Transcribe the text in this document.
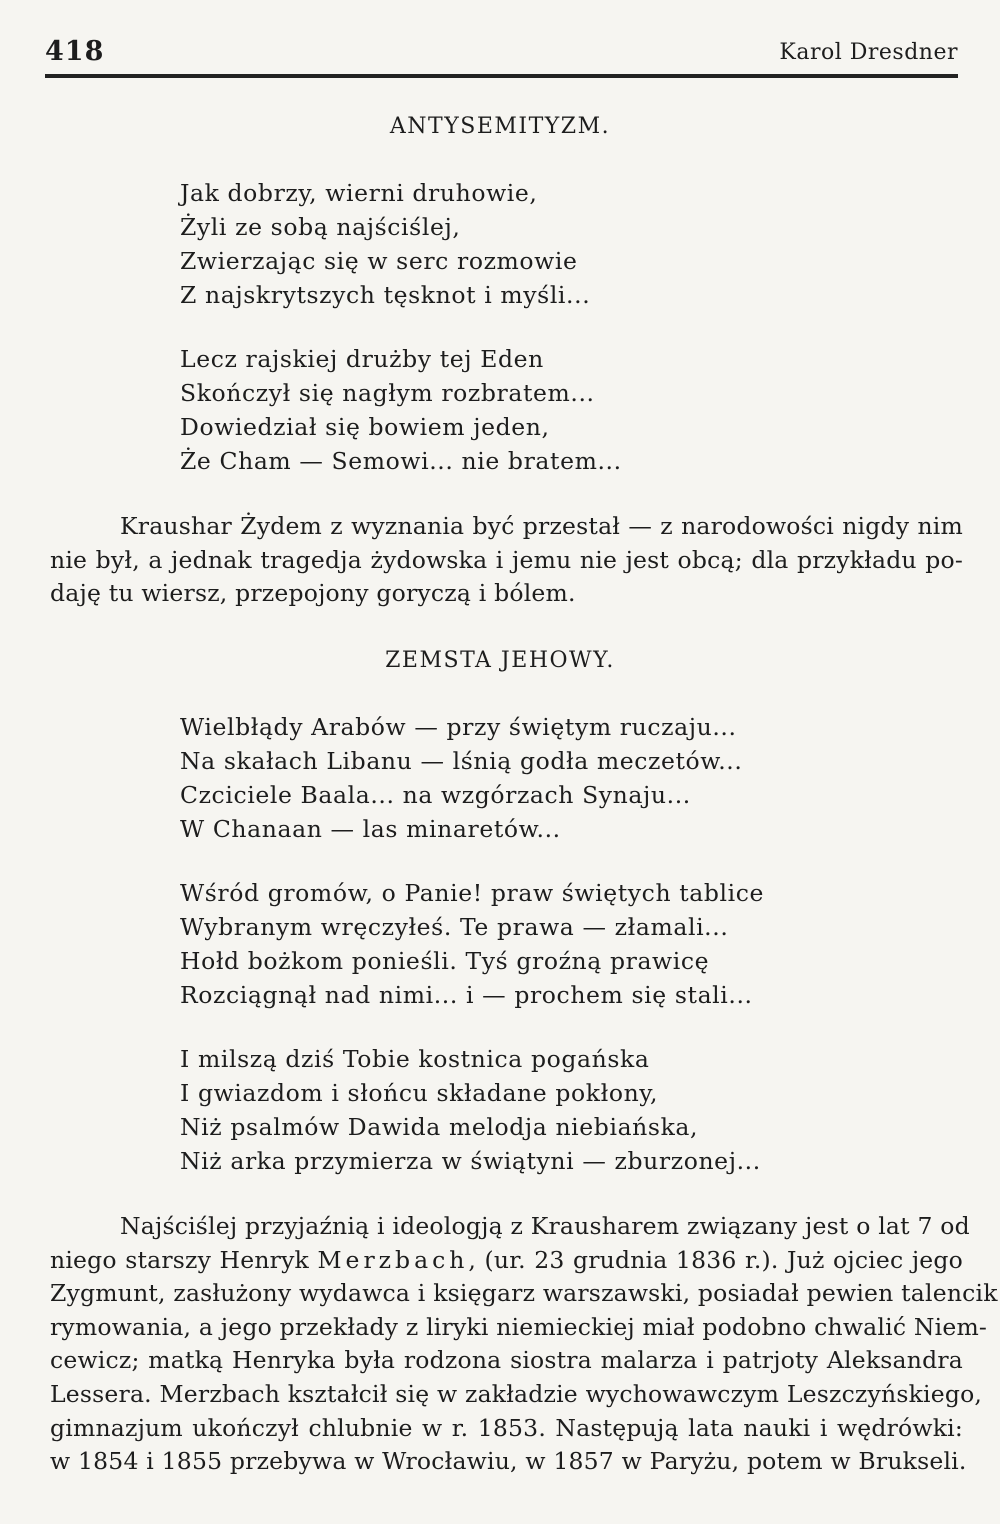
418	Karol Dresdner
ANTYSEMITYZM.
Jak dobrzy, wierni druhowie,
Żyli ze sobą najściślej,
Zwierzając się w serc rozmowie
Z najskrytszych tęsknot i myśli...
Lecz rajskiej drużby tej Eden
Skończył się nagłym rozbratem...
Dowiedział się bowiem jeden,
Że Cham — Semowi... nie bratem...
Kraushar Żydem z wyznania być przestał — z narodowości nigdy nim
nie był, a jednak tragedja żydowska i jemu nie jest obcą; dla przykładu po-
daję tu wiersz, przepojony goryczą i bólem.
ZEMSTA JEHOWY.
Wielbłądy Arabów — przy świętym ruczaju...
Na skałach Libanu — lśnią godła meczetów...
Czciciele Baala... na wzgórzach Synaju...
W Chanaan — las minaretów...
Wśród gromów, o Panie! praw świętych tablice
Wybranym wręczyłeś. Te prawa — złamali...
Hołd bożkom ponieśli. Tyś groźną prawicę
Rozciągnął nad nimi... i — prochem się stali...
I milszą dziś Tobie kostnica pogańska
I gwiazdom i słońcu składane pokłony,
Niż psalmów Dawida melodja niebiańska,
Niż arka przymierza w świątyni — zburzonej...
Najściślej przyjaźnią i ideologją z Krausharem związany jest o lat 7 od
niego starszy Henryk Merzbach, (ur. 23 grudnia 1836 r.). Już ojciec jego
Zygmunt, zasłużony wydawca i księgarz warszawski, posiadał pewien talencik
rymowania, a jego przekłady z liryki niemieckiej miał podobno chwalić Niem-
cewicz; matką Henryka była rodzona siostra malarza i patrjoty Aleksandra
Lessera. Merzbach kształcił się w zakładzie wychowawczym Leszczyńskiego,
gimnazjum ukończył chlubnie w r. 1853. Następują lata nauki i wędrówki:
w 1854 i 1855 przebywa w Wrocławiu, w 1857 w Paryżu, potem w Brukseli.
